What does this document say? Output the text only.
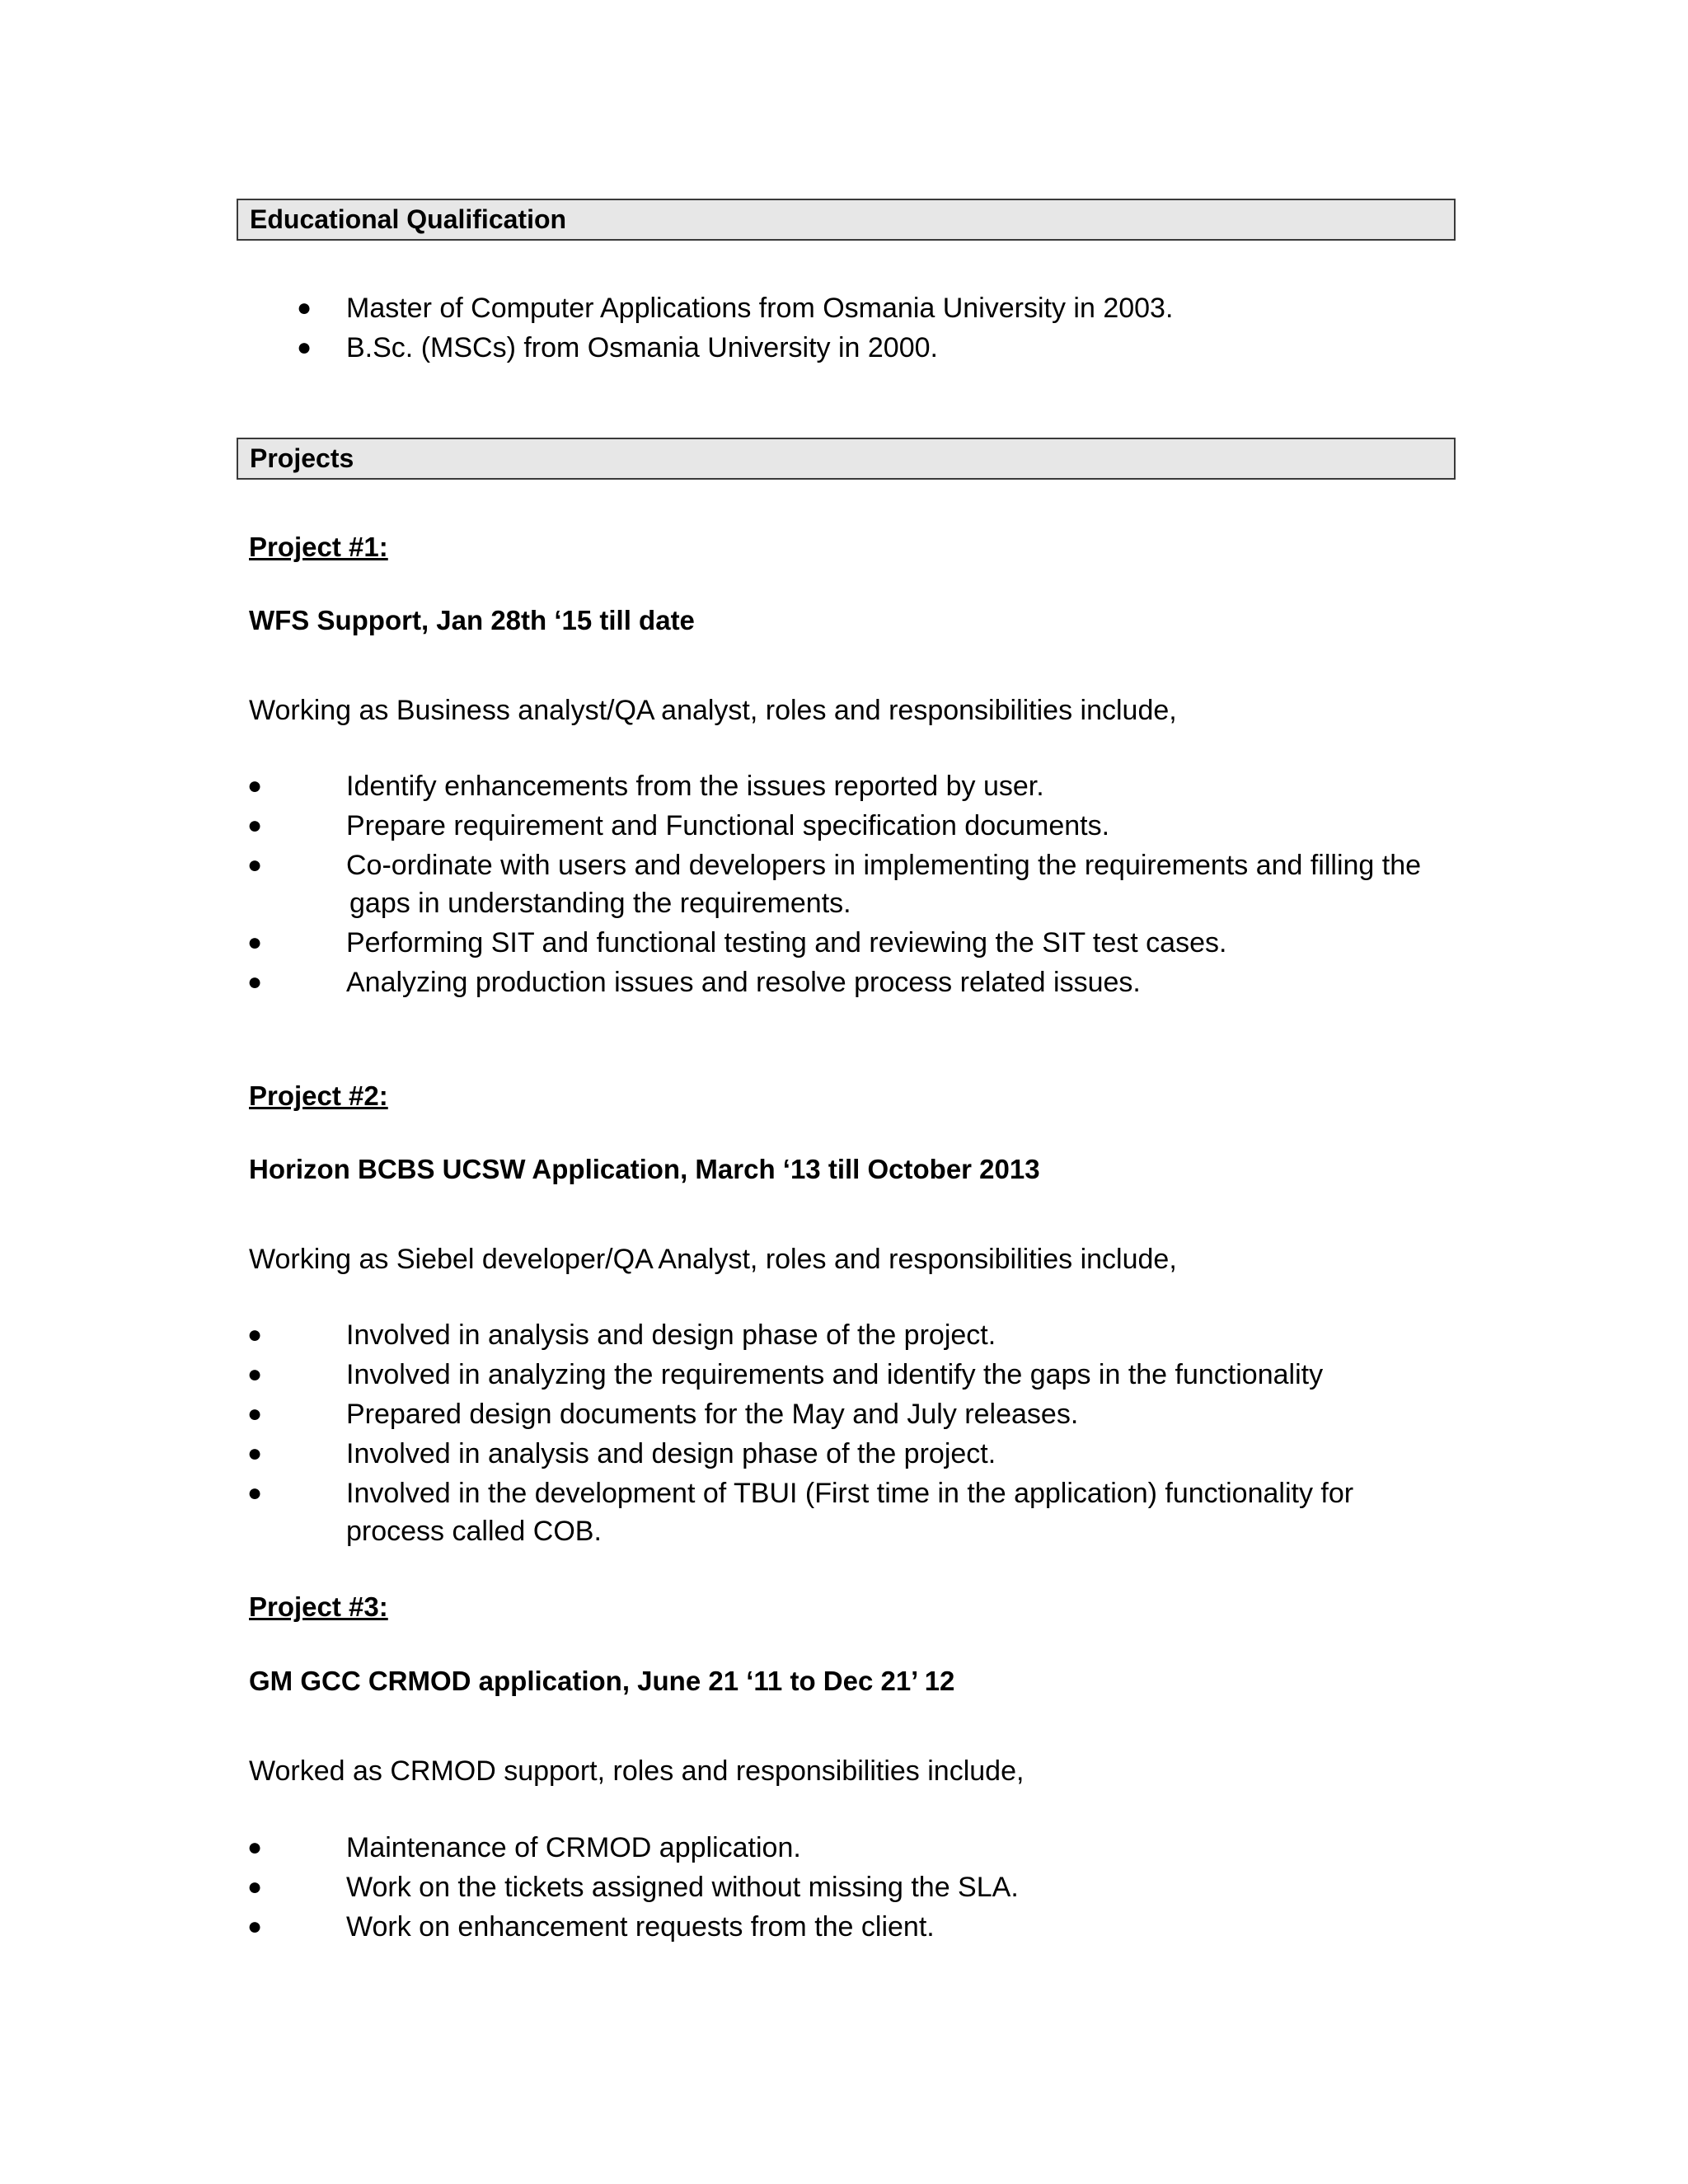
Educational Qualification
● Master of Computer Applications from Osmania University in 2003.
● B.Sc. (MSCs) from Osmania University in 2000.
Projects
Project #1:
WFS Support, Jan 28th ‘15 till date
Working as Business analyst/QA analyst, roles and responsibilities include,
●	Identify enhancements from the issues reported by user.
●	Prepare requirement and Functional specification documents.
●	Co-ordinate with users and developers in implementing the requirements and filling the
gaps in understanding the requirements.
●	Performing SIT and functional testing and reviewing the SIT test cases.
●	Analyzing production issues and resolve process related issues.
Project #2:
Horizon BCBS UCSW Application, March ‘13 till October 2013
Working as Siebel developer/QA Analyst, roles and responsibilities include,
●	Involved in analysis and design phase of the project.
●	Involved in analyzing the requirements and identify the gaps in the functionality
●	Prepared design documents for the May and July releases.
●	Involved in analysis and design phase of the project.
●	Involved in the development of TBUI (First time in the application) functionality for
process called COB.
Project #3:
GM GCC CRMOD application, June 21 ‘11 to Dec 21’ 12
Worked as CRMOD support, roles and responsibilities include,
●	Maintenance of CRMOD application.
●	Work on the tickets assigned without missing the SLA.
●	Work on enhancement requests from the client.
